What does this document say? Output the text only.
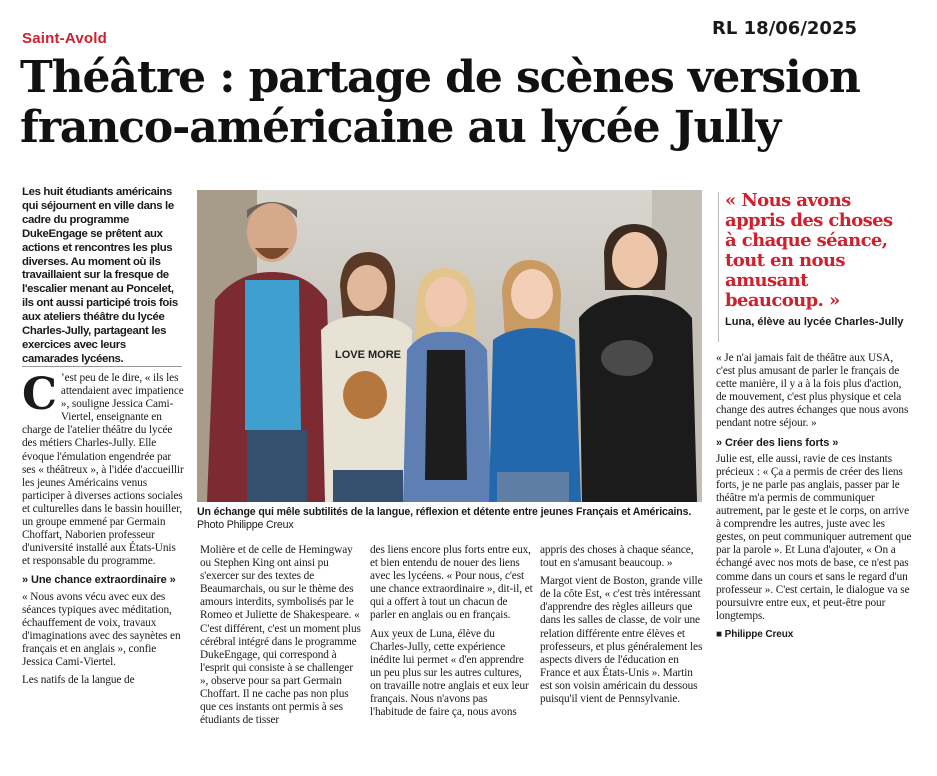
Saint-Avold	RL 18/06/2025
Théâtre : partage de scènes version franco-américaine au lycée Jully
Les huit étudiants américains qui séjournent en ville dans le cadre du programme DukeEngage se prêtent aux actions et rencontres les plus diverses. Au moment où ils travaillaient sur la fresque de l'escalier menant au Poncelet, ils ont aussi participé trois fois aux ateliers théâtre du lycée Charles-Jully, partageant les exercices avec leurs camarades lycéens.

C ’est peu de le dire, « ils les attendaient avec impatience », souligne Jessica Cami-Viertel, enseignante en charge de l'atelier théâtre du lycée des métiers Charles-Jully. Elle évoque l'émulation engendrée par ses « théâtreux », à l'idée d'accueillir les jeunes Américains venus participer à diverses actions sociales et culturelles dans le bassin houiller, un groupe emmené par Germain Choffart, Naborien professeur d'université installé aux États-Unis et responsable du programme.

» Une chance extraordinaire »

« Nous avons vécu avec eux des séances typiques avec méditation, échauffement de voix, travaux d'imaginations avec des saynètes en français et en anglais », confie Jessica Cami-Viertel.

Les natifs de la langue de

LOVE MORE
Un échange qui mêle subtilités de la langue, réflexion et détente entre jeunes Français et Américains. Photo Philippe Creux

Molière et de celle de Hemingway ou Stephen King ont ainsi pu s'exercer sur des textes de Beaumarchais, ou sur le thème des amours interdits, symbolisés par le Romeo et Juliette de Shakespeare. « C'est différent, c'est un moment plus cérébral intégré dans le programme DukeEngage, qui correspond à l'esprit qui consiste à se challenger », observe pour sa part Germain Choffart. Il ne cache pas non plus que ces instants ont permis à ses étudiants de tisser

des liens encore plus forts entre eux, et bien entendu de nouer des liens avec les lycéens. « Pour nous, c'est une chance extraordinaire », dit-il, et qui a offert à tout un chacun de parler en anglais ou en français.

Aux yeux de Luna, élève du Charles-Jully, cette expérience inédite lui permet « d'en apprendre un peu plus sur les autres cultures, on travaille notre anglais et eux leur français. Nous n'avons pas l'habitude de faire ça, nous avons

appris des choses à chaque séance, tout en s'amusant beaucoup. »

Margot vient de Boston, grande ville de la côte Est, « c'est très intéressant d'apprendre des règles ailleurs que dans les salles de classe, de voir une relation différente entre élèves et professeurs, et plus généralement les aspects divers de l'éducation en France et aux États-Unis ». Martin est son voisin américain du dessous puisqu'il vient de Pennsylvanie.

« Nous avons appris des choses à chaque séance, tout en nous amusant beaucoup. »
Luna, élève au lycée Charles-Jully

« Je n'ai jamais fait de théâtre aux USA, c'est plus amusant de parler le français de cette manière, il y a à la fois plus d'action, de mouvement, c'est plus physique et cela change des autres échanges que nous avons pendant notre séjour. »

» Créer des liens forts »

Julie est, elle aussi, ravie de ces instants précieux : « Ça a permis de créer des liens forts, je ne parle pas anglais, passer par le théâtre m'a permis de communiquer autrement, par le geste et le corps, on arrive à comprendre les autres, juste avec les gestes, on peut communiquer autrement que par la parole ». Et Luna d'ajouter, « On a échangé avec nos mots de base, ce n'est pas comme dans un cours et sans le regard d'un professeur ». C'est certain, le dialogue va se poursuivre entre eux, et peut-être pour longtemps.

■ Philippe Creux
